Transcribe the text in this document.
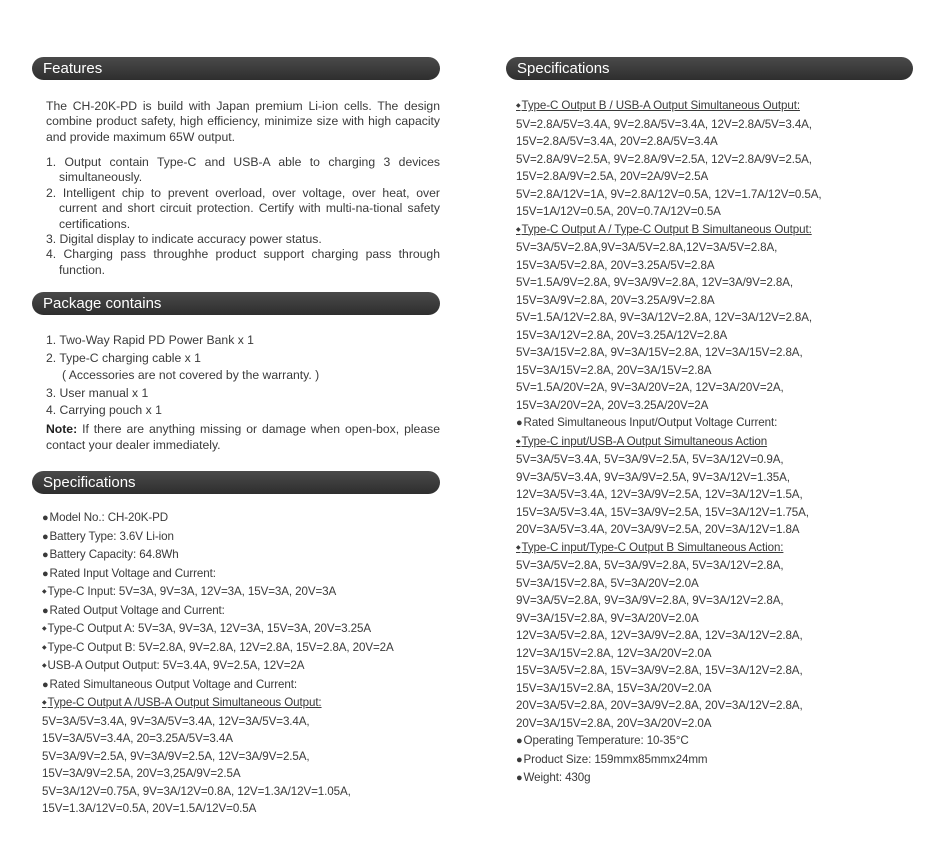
Features

The CH-20K-PD is build with Japan premium Li-ion cells. The design combine product safety, high efficiency, minimize size with high capacity and provide maximum 65W output.

1. Output contain Type-C and USB-A able to charging 3 devices simultaneously.
2. Intelligent chip to prevent overload, over voltage, over heat, over current and short circuit protection. Certify with multi-na-tional safety certifications.
3. Digital display to indicate accuracy power status.
4. Charging pass throughhe product support charging pass through function.
Package contains
1. Two-Way Rapid PD Power Bank x 1
2. Type-C charging cable x 1
( Accessories are not covered by the warranty. )
3. User manual x 1
4. Carrying pouch x 1

Note: If there are anything missing or damage when open-box, please contact your dealer immediately.

Specifications
● Model No.: CH-20K-PD
● Battery Type: 3.6V Li-ion
● Battery Capacity: 64.8Wh
● Rated Input Voltage and Current:
◆ Type-C Input: 5V=3A, 9V=3A, 12V=3A, 15V=3A, 20V=3A
● Rated Output Voltage and Current:
◆ Type-C Output A: 5V=3A, 9V=3A, 12V=3A, 15V=3A, 20V=3.25A
◆ Type-C Output B: 5V=2.8A, 9V=2.8A, 12V=2.8A, 15V=2.8A, 20V=2A
◆ USB-A Output Output: 5V=3.4A, 9V=2.5A, 12V=2A
● Rated Simultaneous Output Voltage and Current:
◆ Type-C Output A /USB-A Output Simultaneous Output:
5V=3A/5V=3.4A, 9V=3A/5V=3.4A, 12V=3A/5V=3.4A,
15V=3A/5V=3.4A, 20=3.25A/5V=3.4A
5V=3A/9V=2.5A, 9V=3A/9V=2.5A, 12V=3A/9V=2.5A,
15V=3A/9V=2.5A, 20V=3,25A/9V=2.5A
5V=3A/12V=0.75A, 9V=3A/12V=0.8A, 12V=1.3A/12V=1.05A,
15V=1.3A/12V=0.5A, 20V=1.5A/12V=0.5A
Specifications
◆ Type-C Output B / USB-A Output Simultaneous Output:
5V=2.8A/5V=3.4A, 9V=2.8A/5V=3.4A, 12V=2.8A/5V=3.4A,
15V=2.8A/5V=3.4A, 20V=2.8A/5V=3.4A
5V=2.8A/9V=2.5A, 9V=2.8A/9V=2.5A, 12V=2.8A/9V=2.5A,
15V=2.8A/9V=2.5A, 20V=2A/9V=2.5A
5V=2.8A/12V=1A, 9V=2.8A/12V=0.5A, 12V=1.7A/12V=0.5A,
15V=1A/12V=0.5A, 20V=0.7A/12V=0.5A
◆ Type-C Output A / Type-C Output B Simultaneous Output:
5V=3A/5V=2.8A,9V=3A/5V=2.8A,12V=3A/5V=2.8A,
15V=3A/5V=2.8A, 20V=3.25A/5V=2.8A
5V=1.5A/9V=2.8A, 9V=3A/9V=2.8A, 12V=3A/9V=2.8A,
15V=3A/9V=2.8A, 20V=3.25A/9V=2.8A
5V=1.5A/12V=2.8A, 9V=3A/12V=2.8A, 12V=3A/12V=2.8A,
15V=3A/12V=2.8A, 20V=3.25A/12V=2.8A
5V=3A/15V=2.8A, 9V=3A/15V=2.8A, 12V=3A/15V=2.8A,
15V=3A/15V=2.8A, 20V=3A/15V=2.8A
5V=1.5A/20V=2A, 9V=3A/20V=2A, 12V=3A/20V=2A,
15V=3A/20V=2A, 20V=3.25A/20V=2A
● Rated Simultaneous Input/Output Voltage Current:
◆ Type-C input/USB-A Output Simultaneous Action
5V=3A/5V=3.4A, 5V=3A/9V=2.5A, 5V=3A/12V=0.9A,
9V=3A/5V=3.4A, 9V=3A/9V=2.5A, 9V=3A/12V=1.35A,
12V=3A/5V=3.4A, 12V=3A/9V=2.5A, 12V=3A/12V=1.5A,
15V=3A/5V=3.4A, 15V=3A/9V=2.5A, 15V=3A/12V=1.75A,
20V=3A/5V=3.4A, 20V=3A/9V=2.5A, 20V=3A/12V=1.8A
◆ Type-C input/Type-C Output B Simultaneous Action:
5V=3A/5V=2.8A, 5V=3A/9V=2.8A, 5V=3A/12V=2.8A,
5V=3A/15V=2.8A, 5V=3A/20V=2.0A
9V=3A/5V=2.8A, 9V=3A/9V=2.8A, 9V=3A/12V=2.8A,
9V=3A/15V=2.8A, 9V=3A/20V=2.0A
12V=3A/5V=2.8A, 12V=3A/9V=2.8A, 12V=3A/12V=2.8A,
12V=3A/15V=2.8A, 12V=3A/20V=2.0A
15V=3A/5V=2.8A, 15V=3A/9V=2.8A, 15V=3A/12V=2.8A,
15V=3A/15V=2.8A, 15V=3A/20V=2.0A
20V=3A/5V=2.8A, 20V=3A/9V=2.8A, 20V=3A/12V=2.8A,
20V=3A/15V=2.8A, 20V=3A/20V=2.0A
● Operating Temperature: 10-35°C
● Product Size: 159mmx85mmx24mm
● Weight: 430g
